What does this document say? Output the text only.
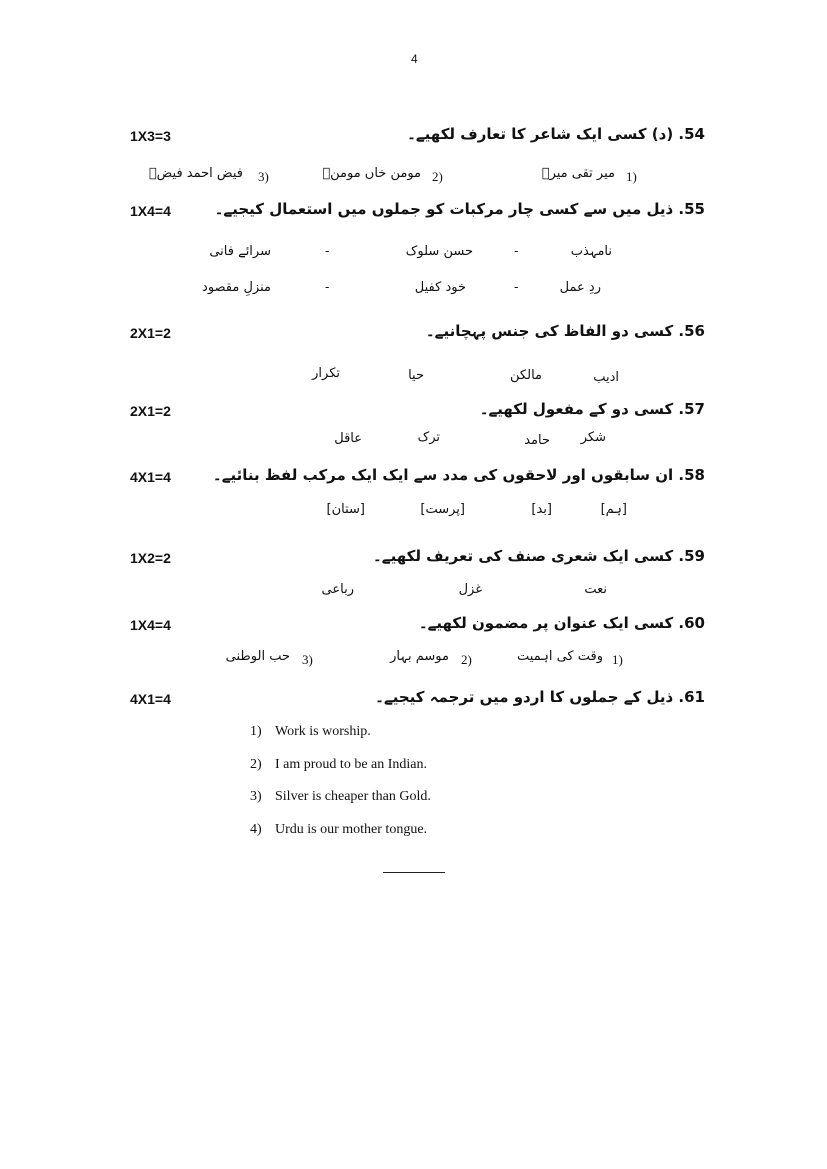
4
54. (د) کسی ایک شاعر کا تعارف لکھیے۔
1X3=3
1)
میر تقی میرؔ
2)
مومن خاں مومنؔ
3)
فیض احمد فیضؔ
55. ذیل میں سے کسی چار مرکبات کو جملوں میں استعمال کیجیے۔
1X4=4
نامہذب
-
حسن سلوک
-
سرائے فانی
ردِ عمل
-
خود کفیل
-
منزلِ مقصود
56. کسی دو الفاظ کی جنس پہچانیے۔
2X1=2
ادیب
مالکن
حیا
تکرار
57. کسی دو کے مفعول لکھیے۔
2X1=2
شکر
حامد
ترک
عاقل
58. ان سابقوں اور لاحقوں کی مدد سے ایک ایک مرکب لفظ بنائیے۔
4X1=4
[ہم]
[بد]
[پرست]
[ستان]
59. کسی ایک شعری صنف کی تعریف لکھیے۔
1X2=2
نعت
غزل
رباعی
60. کسی ایک عنوان پر مضمون لکھیے۔
1X4=4
1)
وقت کی اہمیت
2)
موسم بہار
3)
حب الوطنی
61. ذیل کے جملوں کا اردو میں ترجمہ کیجیے۔
4X1=4
1) Work is worship.
2) I am proud to be an Indian.
3) Silver is cheaper than Gold.
4) Urdu is our mother tongue.
